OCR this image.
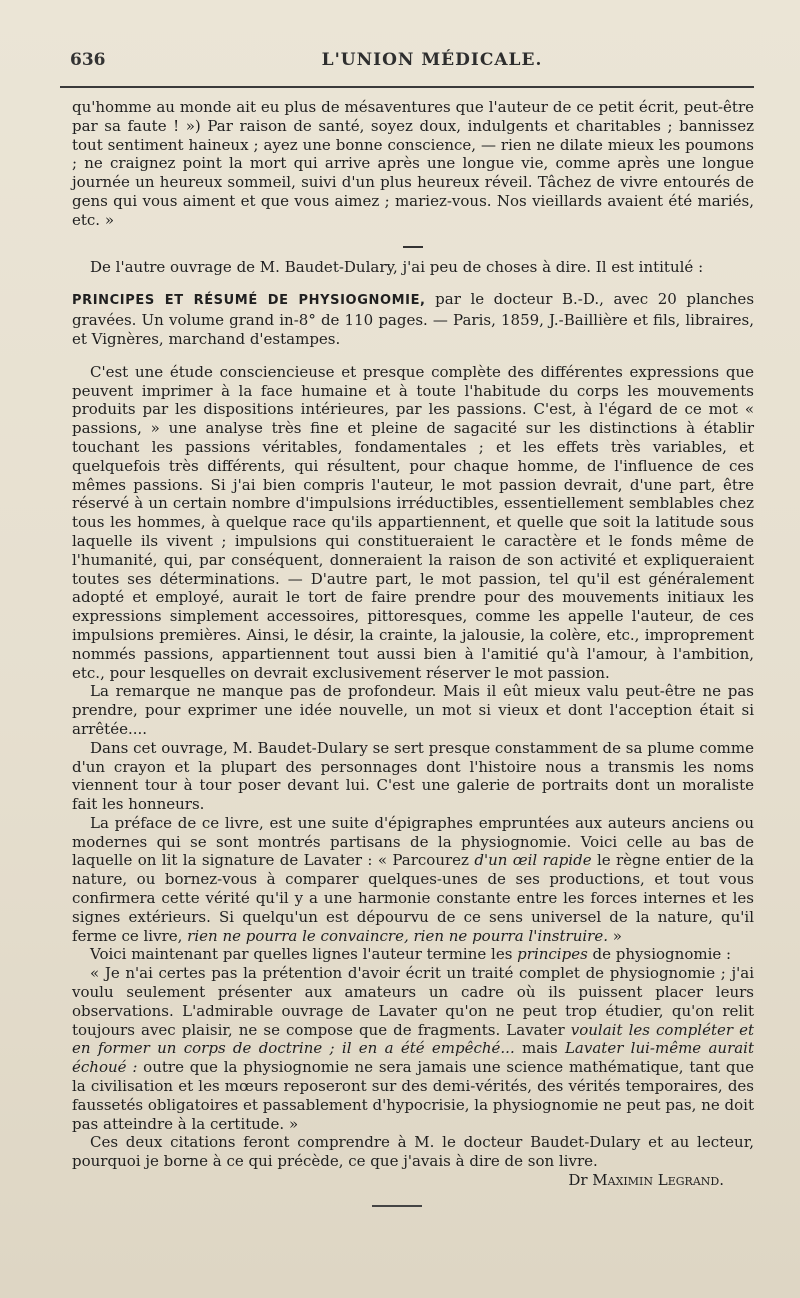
636	L'UNION MÉDICALE.

qu'homme au monde ait eu plus de mésaventures que l'auteur de ce petit écrit, peut-être par sa faute ! ») Par raison de santé, soyez doux, indulgents et charitables ; bannissez tout sentiment haineux ; ayez une bonne conscience, — rien ne dilate mieux les poumons ; ne craignez point la mort qui arrive après une longue vie, comme après une longue journée un heureux sommeil, suivi d'un plus heureux réveil. Tâchez de vivre entourés de gens qui vous aiment et que vous aimez ; mariez-vous. Nos vieillards avaient été mariés, etc. »

De l'autre ouvrage de M. Baudet-Dulary, j'ai peu de choses à dire. Il est intitulé :

PRINCIPES ET RÉSUMÉ DE PHYSIOGNOMIE, par le docteur B.-D., avec 20 planches gravées. Un volume grand in-8° de 110 pages. — Paris, 1859, J.-Baillière et fils, libraires, et Vignères, marchand d'estampes.

C'est une étude consciencieuse et presque complète des différentes expressions que peuvent imprimer à la face humaine et à toute l'habitude du corps les mouvements produits par les dispositions intérieures, par les passions. C'est, à l'égard de ce mot « passions, » une analyse très fine et pleine de sagacité sur les distinctions à établir touchant les passions véritables, fondamentales ; et les effets très variables, et quelquefois très différents, qui résultent, pour chaque homme, de l'influence de ces mêmes passions. Si j'ai bien compris l'auteur, le mot passion devrait, d'une part, être réservé à un certain nombre d'impulsions irréductibles, essentiellement semblables chez tous les hommes, à quelque race qu'ils appartiennent, et quelle que soit la latitude sous laquelle ils vivent ; impulsions qui constitueraient le caractère et le fonds même de l'humanité, qui, par conséquent, donneraient la raison de son activité et expliqueraient toutes ses déterminations. — D'autre part, le mot passion, tel qu'il est généralement adopté et employé, aurait le tort de faire prendre pour des mouvements initiaux les expressions simplement accessoires, pittoresques, comme les appelle l'auteur, de ces impulsions premières. Ainsi, le désir, la crainte, la jalousie, la colère, etc., improprement nommés passions, appartiennent tout aussi bien à l'amitié qu'à l'amour, à l'ambition, etc., pour lesquelles on devrait exclusivement réserver le mot passion.

La remarque ne manque pas de profondeur. Mais il eût mieux valu peut-être ne pas prendre, pour exprimer une idée nouvelle, un mot si vieux et dont l'acception était si arrêtée....

Dans cet ouvrage, M. Baudet-Dulary se sert presque constamment de sa plume comme d'un crayon et la plupart des personnages dont l'histoire nous a transmis les noms viennent tour à tour poser devant lui. C'est une galerie de portraits dont un moraliste fait les honneurs.

La préface de ce livre, est une suite d'épigraphes empruntées aux auteurs anciens ou modernes qui se sont montrés partisans de la physiognomie. Voici celle au bas de laquelle on lit la signature de Lavater : « Parcourez d'un œil rapide le règne entier de la nature, ou bornez-vous à comparer quelques-unes de ses productions, et tout vous confirmera cette vérité qu'il y a une harmonie constante entre les forces internes et les signes extérieurs. Si quelqu'un est dépourvu de ce sens universel de la nature, qu'il ferme ce livre, rien ne pourra le convaincre, rien ne pourra l'instruire. »

Voici maintenant par quelles lignes l'auteur termine les principes de physiognomie :

« Je n'ai certes pas la prétention d'avoir écrit un traité complet de physiognomie ; j'ai voulu seulement présenter aux amateurs un cadre où ils puissent placer leurs observations. L'admirable ouvrage de Lavater qu'on ne peut trop étudier, qu'on relit toujours avec plaisir, ne se compose que de fragments. Lavater voulait les compléter et en former un corps de doctrine ; il en a été empêché... mais Lavater lui-même aurait échoué : outre que la physiognomie ne sera jamais une science mathématique, tant que la civilisation et les mœurs reposeront sur des demi-vérités, des vérités temporaires, des faussetés obligatoires et passablement d'hypocrisie, la physiognomie ne peut pas, ne doit pas atteindre à la certitude. »

Ces deux citations feront comprendre à M. le docteur Baudet-Dulary et au lecteur, pourquoi je borne à ce qui précède, ce que j'avais à dire de son livre.

Dr Maximin Legrand.
